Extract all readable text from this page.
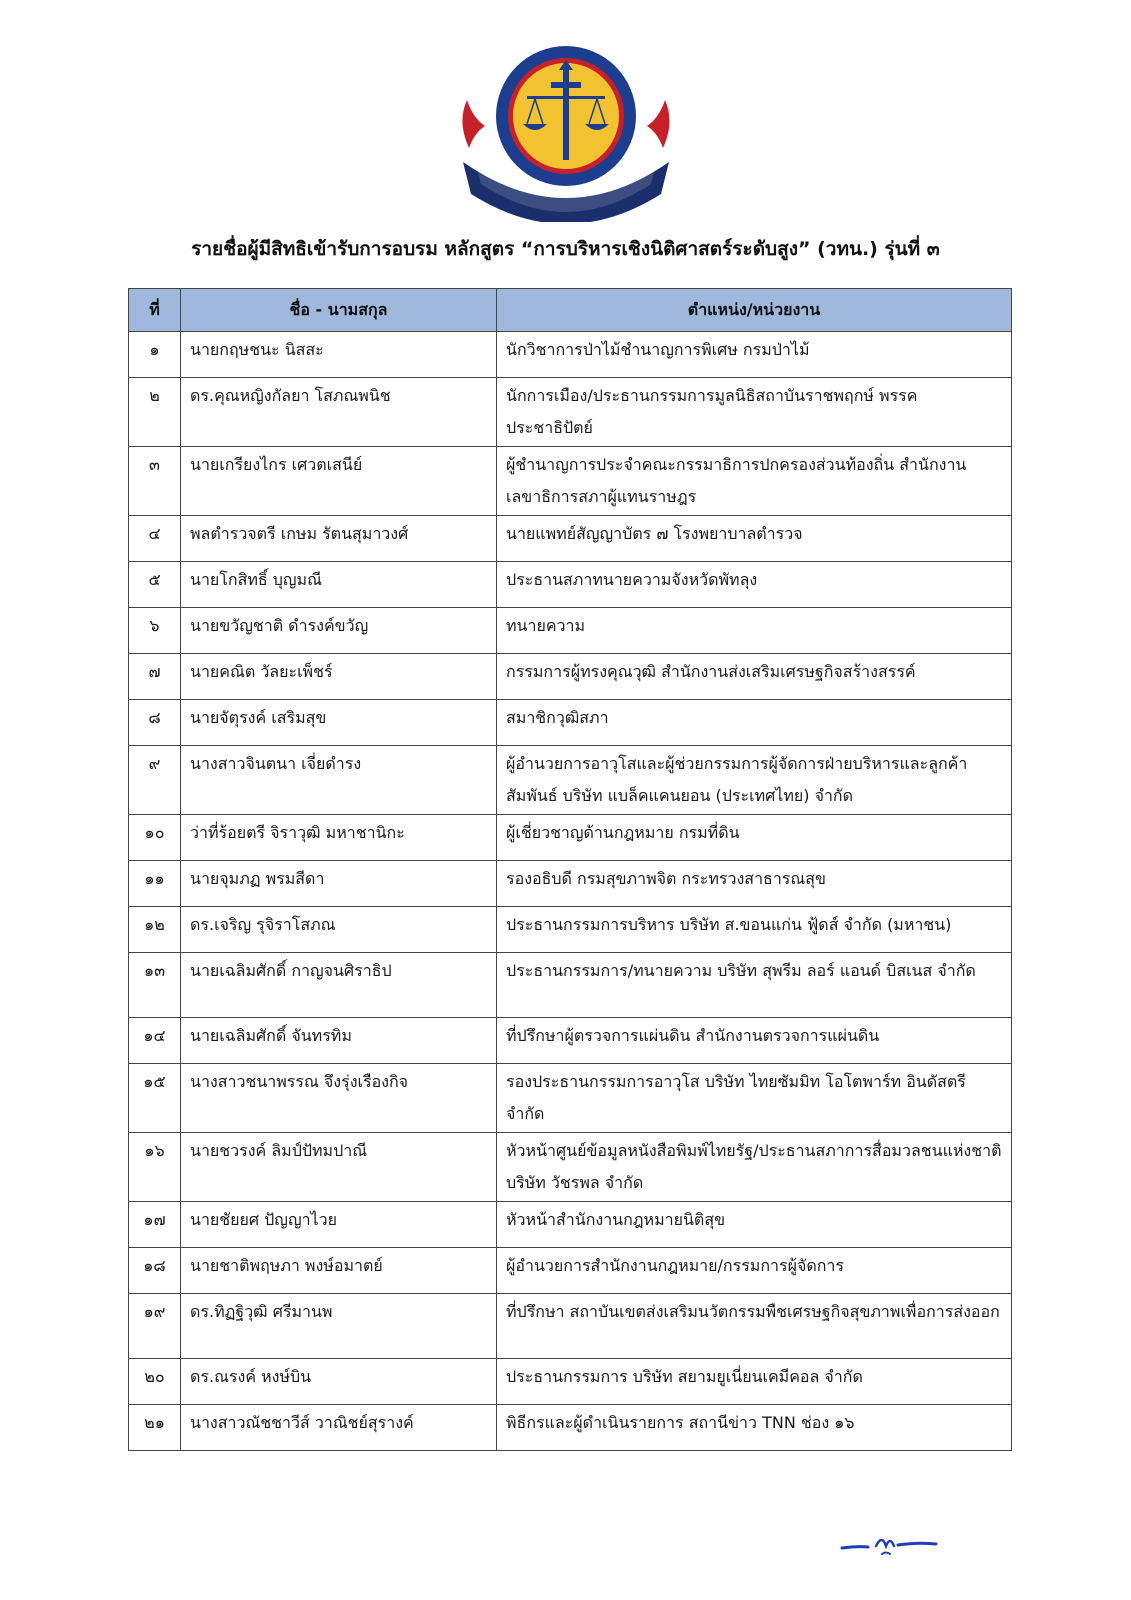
รายชื่อผู้มีสิทธิเข้ารับการอบรม หลักสูตร “การบริหารเชิงนิติศาสตร์ระดับสูง” (วทน.) รุ่นที่ ๓
ที่	ชื่อ - นามสกุล	ตำแหน่ง/หน่วยงาน
๑	นายกฤษชนะ นิสสะ	นักวิชาการป่าไม้ชำนาญการพิเศษ กรมป่าไม้
๒	ดร.คุณหญิงกัลยา โสภณพนิช	นักการเมือง/ประธานกรรมการมูลนิธิสถาบันราชพฤกษ์ พรรคประชาธิปัตย์
๓	นายเกรียงไกร เศวตเสนีย์	ผู้ชำนาญการประจำคณะกรรมาธิการปกครองส่วนท้องถิ่น สำนักงานเลขาธิการสภาผู้แทนราษฎร
๔	พลตำรวจตรี เกษม รัตนสุมาวงศ์	นายแพทย์สัญญาบัตร ๗ โรงพยาบาลตำรวจ
๕	นายโกสิทธิ์ บุญมณี	ประธานสภาทนายความจังหวัดพัทลุง
๖	นายขวัญชาติ ดำรงค์ขวัญ	ทนายความ
๗	นายคณิต วัลยะเพ็ชร์	กรรมการผู้ทรงคุณวุฒิ สำนักงานส่งเสริมเศรษฐกิจสร้างสรรค์
๘	นายจัตุรงค์ เสริมสุข	สมาชิกวุฒิสภา
๙	นางสาวจินตนา เจี่ยดำรง	ผู้อำนวยการอาวุโสและผู้ช่วยกรรมการผู้จัดการฝ่ายบริหารและลูกค้าสัมพันธ์ บริษัท แบล็คแคนยอน (ประเทศไทย) จำกัด
๑๐	ว่าที่ร้อยตรี จิราวุฒิ มหาชานิกะ	ผู้เชี่ยวชาญด้านกฎหมาย กรมที่ดิน
๑๑	นายจุมภฏ พรมสีดา	รองอธิบดี กรมสุขภาพจิต กระทรวงสาธารณสุข
๑๒	ดร.เจริญ รุจิราโสภณ	ประธานกรรมการบริหาร บริษัท ส.ขอนแก่น ฟู้ดส์ จำกัด (มหาชน)
๑๓	นายเฉลิมศักดิ์ กาญจนศิราธิป	ประธานกรรมการ/ทนายความ บริษัท สุพรีม ลอร์ แอนด์ บิสเนส จำกัด
๑๔	นายเฉลิมศักดิ์ จันทรทิม	ที่ปรึกษาผู้ตรวจการแผ่นดิน สำนักงานตรวจการแผ่นดิน
๑๕	นางสาวชนาพรรณ จึงรุ่งเรืองกิจ	รองประธานกรรมการอาวุโส บริษัท ไทยซัมมิท โอโตพาร์ท อินดัสตรี จำกัด
๑๖	นายชวรงค์ ลิมป์ปัทมปาณี	หัวหน้าศูนย์ข้อมูลหนังสือพิมพ์ไทยรัฐ/ประธานสภาการสื่อมวลชนแห่งชาติ บริษัท วัชรพล จำกัด
๑๗	นายชัยยศ ปัญญาไวย	หัวหน้าสำนักงานกฎหมายนิติสุข
๑๘	นายชาติพฤษภา พงษ์อมาตย์	ผู้อำนวยการสำนักงานกฎหมาย/กรรมการผู้จัดการ
๑๙	ดร.ทิฏฐิวุฒิ ศรีมานพ	ที่ปรึกษา สถาบันเขตส่งเสริมนวัตกรรมพืชเศรษฐกิจสุขภาพเพื่อการส่งออก
๒๐	ดร.ณรงค์ หงษ์บิน	ประธานกรรมการ บริษัท สยามยูเนี่ยนเคมีคอล จำกัด
๒๑	นางสาวณัชชาวีส์ วาณิชย์สุรางค์	พิธีกรและผู้ดำเนินรายการ สถานีข่าว TNN ช่อง ๑๖
